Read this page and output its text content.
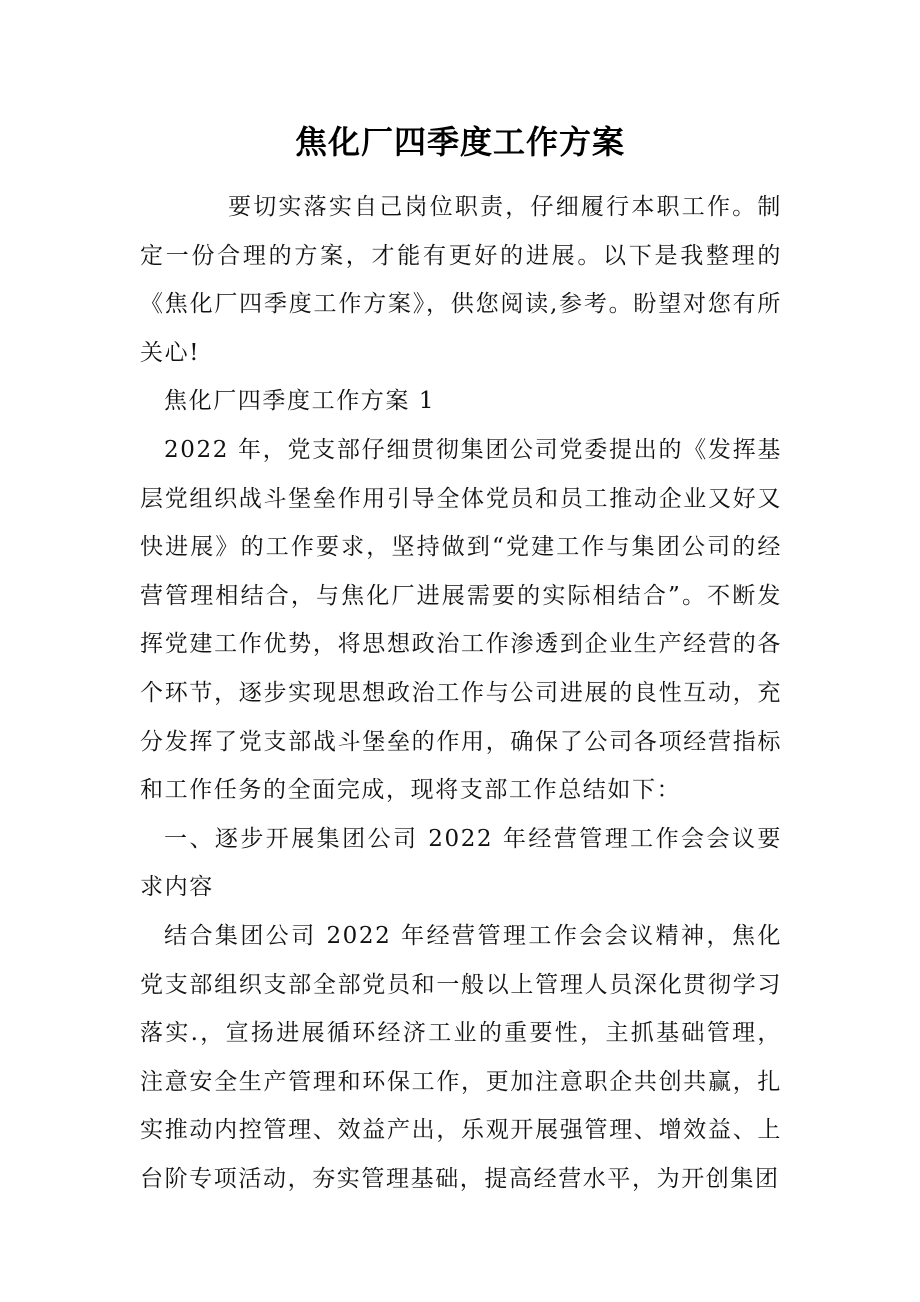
焦化厂四季度工作方案

要切实落实自己岗位职责，仔细履行本职工作。制定一份合理的方案，才能有更好的进展。以下是我整理的《焦化厂四季度工作方案》，供您阅读,参考。盼望对您有所关心!

焦化厂四季度工作方案 1

2022 年，党支部仔细贯彻集团公司党委提出的《发挥基层党组织战斗堡垒作用引导全体党员和员工推动企业又好又快进展》的工作要求，坚持做到“党建工作与集团公司的经营管理相结合，与焦化厂进展需要的实际相结合”。不断发挥党建工作优势，将思想政治工作渗透到企业生产经营的各个环节，逐步实现思想政治工作与公司进展的良性互动，充分发挥了党支部战斗堡垒的作用，确保了公司各项经营指标和工作任务的全面完成，现将支部工作总结如下：

一、逐步开展集团公司 2022 年经营管理工作会会议要求内容

结合集团公司 2022 年经营管理工作会会议精神，焦化党支部组织支部全部党员和一般以上管理人员深化贯彻学习落实.，宣扬进展循环经济工业的重要性，主抓基础管理，注意安全生产管理和环保工作，更加注意职企共创共赢，扎实推动内控管理、效益产出，乐观开展强管理、增效益、上台阶专项活动，夯实管理基础，提高经营水平，为开创集团
